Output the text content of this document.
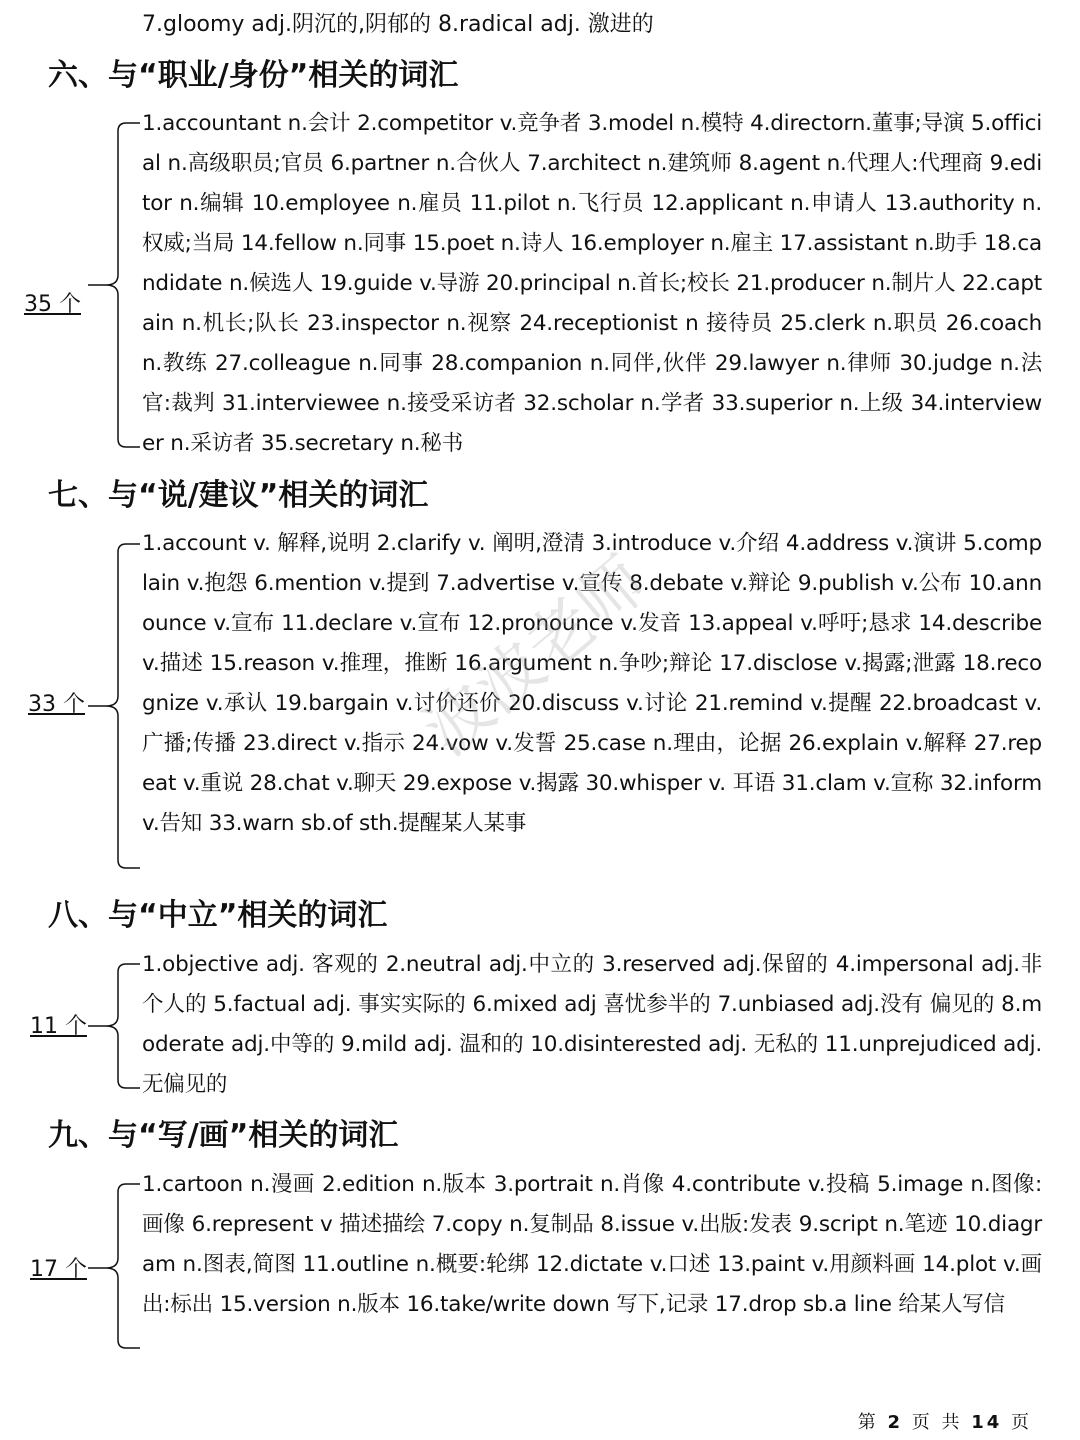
7.gloomy adj.阴沉的,阴郁的 8.radical adj. 激进的
六、与“职业/身份”相关的词汇
35 个
1.accountant n.会计 2.competitor v.竞争者 3.model n.模特 4.directorn.董事;导演 5.official n.高级职员;官员 6.partner n.合伙人 7.architect n.建筑师 8.agent n.代理人:代理商 9.editor n.编辑 10.employee n.雇员 11.pilot n.飞行员 12.applicant n.申请人 13.authority n.权威;当局 14.fellow n.同事 15.poet n.诗人 16.employer n.雇主 17.assistant n.助手 18.candidate n.候选人 19.guide v.导游 20.principal n.首长;校长 21.producer n.制片人 22.captain n.机长;队长 23.inspector n.视察 24.receptionist n 接待员 25.clerk n.职员 26.coach n.教练 27.colleague n.同事 28.companion n.同伴,伙伴 29.lawyer n.律师 30.judge n.法官:裁判 31.interviewee n.接受采访者 32.scholar n.学者 33.superior n.上级 34.interviewer n.采访者 35.secretary n.秘书
七、与“说/建议”相关的词汇
33 个
1.account v. 解释,说明 2.clarify v. 阐明,澄清 3.introduce v.介绍 4.address v.演讲 5.complain v.抱怨 6.mention v.提到 7.advertise v.宣传 8.debate v.辩论 9.publish v.公布 10.announce v.宣布 11.declare v.宣布 12.pronounce v.发音 13.appeal v.呼吁;恳求 14.describe v.描述 15.reason v.推理，推断 16.argument n.争吵;辩论 17.disclose v.揭露;泄露 18.recognize v.承认 19.bargain v.讨价还价 20.discuss v.讨论 21.remind v.提醒 22.broadcast v.广播;传播 23.direct v.指示 24.vow v.发誓 25.case n.理由，论据 26.explain v.解释 27.repeat v.重说 28.chat v.聊天 29.expose v.揭露 30.whisper v. 耳语 31.clam v.宣称 32.inform v.告知 33.warn sb.of sth.提醒某人某事
八、与“中立”相关的词汇
11 个
1.objective adj. 客观的 2.neutral adj.中立的 3.reserved adj.保留的 4.impersonal adj.非个人的 5.factual adj. 事实实际的 6.mixed adj 喜忧参半的 7.unbiased adj.没有 偏见的 8.moderate adj.中等的 9.mild adj. 温和的 10.disinterested adj. 无私的 11.unprejudiced adj. 无偏见的
九、与“写/画”相关的词汇
17 个
1.cartoon n.漫画 2.edition n.版本 3.portrait n.肖像 4.contribute v.投稿 5.image n.图像:画像 6.represent v 描述描绘 7.copy n.复制品 8.issue v.出版:发表 9.script n.笔迹 10.diagram n.图表,简图 11.outline n.概要:轮绑 12.dictate v.口述 13.paint v.用颜料画 14.plot v.画出:标出 15.version n.版本 16.take/write down 写下,记录 17.drop sb.a line 给某人写信
波波老师
第 2 页 共 14 页
